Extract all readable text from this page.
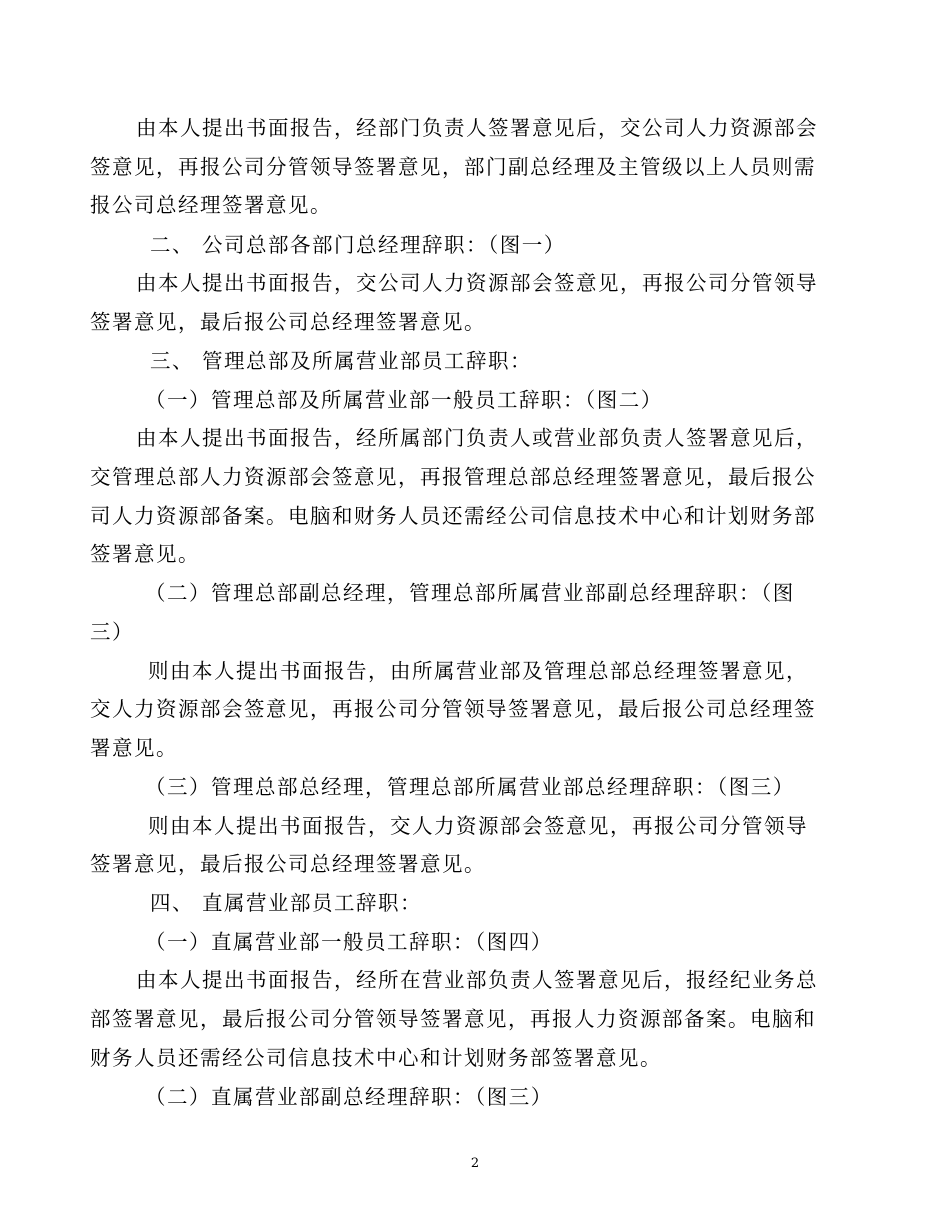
由本人提出书面报告，经部门负责人签署意见后，交公司人力资源部会
签意见，再报公司分管领导签署意见，部门副总经理及主管级以上人员则需
报公司总经理签署意见。
二、 公司总部各部门总经理辞职：（图一）
由本人提出书面报告，交公司人力资源部会签意见，再报公司分管领导
签署意见，最后报公司总经理签署意见。
三、 管理总部及所属营业部员工辞职：
（一）管理总部及所属营业部一般员工辞职：（图二）
由本人提出书面报告，经所属部门负责人或营业部负责人签署意见后，
交管理总部人力资源部会签意见，再报管理总部总经理签署意见，最后报公
司人力资源部备案。电脑和财务人员还需经公司信息技术中心和计划财务部
签署意见。
（二）管理总部副总经理，管理总部所属营业部副总经理辞职：（图
三）
则由本人提出书面报告，由所属营业部及管理总部总经理签署意见，
交人力资源部会签意见，再报公司分管领导签署意见，最后报公司总经理签
署意见。
（三）管理总部总经理，管理总部所属营业部总经理辞职：（图三）
则由本人提出书面报告，交人力资源部会签意见，再报公司分管领导
签署意见，最后报公司总经理签署意见。
四、 直属营业部员工辞职：
（一）直属营业部一般员工辞职：（图四）
由本人提出书面报告，经所在营业部负责人签署意见后，报经纪业务总
部签署意见，最后报公司分管领导签署意见，再报人力资源部备案。电脑和
财务人员还需经公司信息技术中心和计划财务部签署意见。
（二）直属营业部副总经理辞职：（图三）
2
